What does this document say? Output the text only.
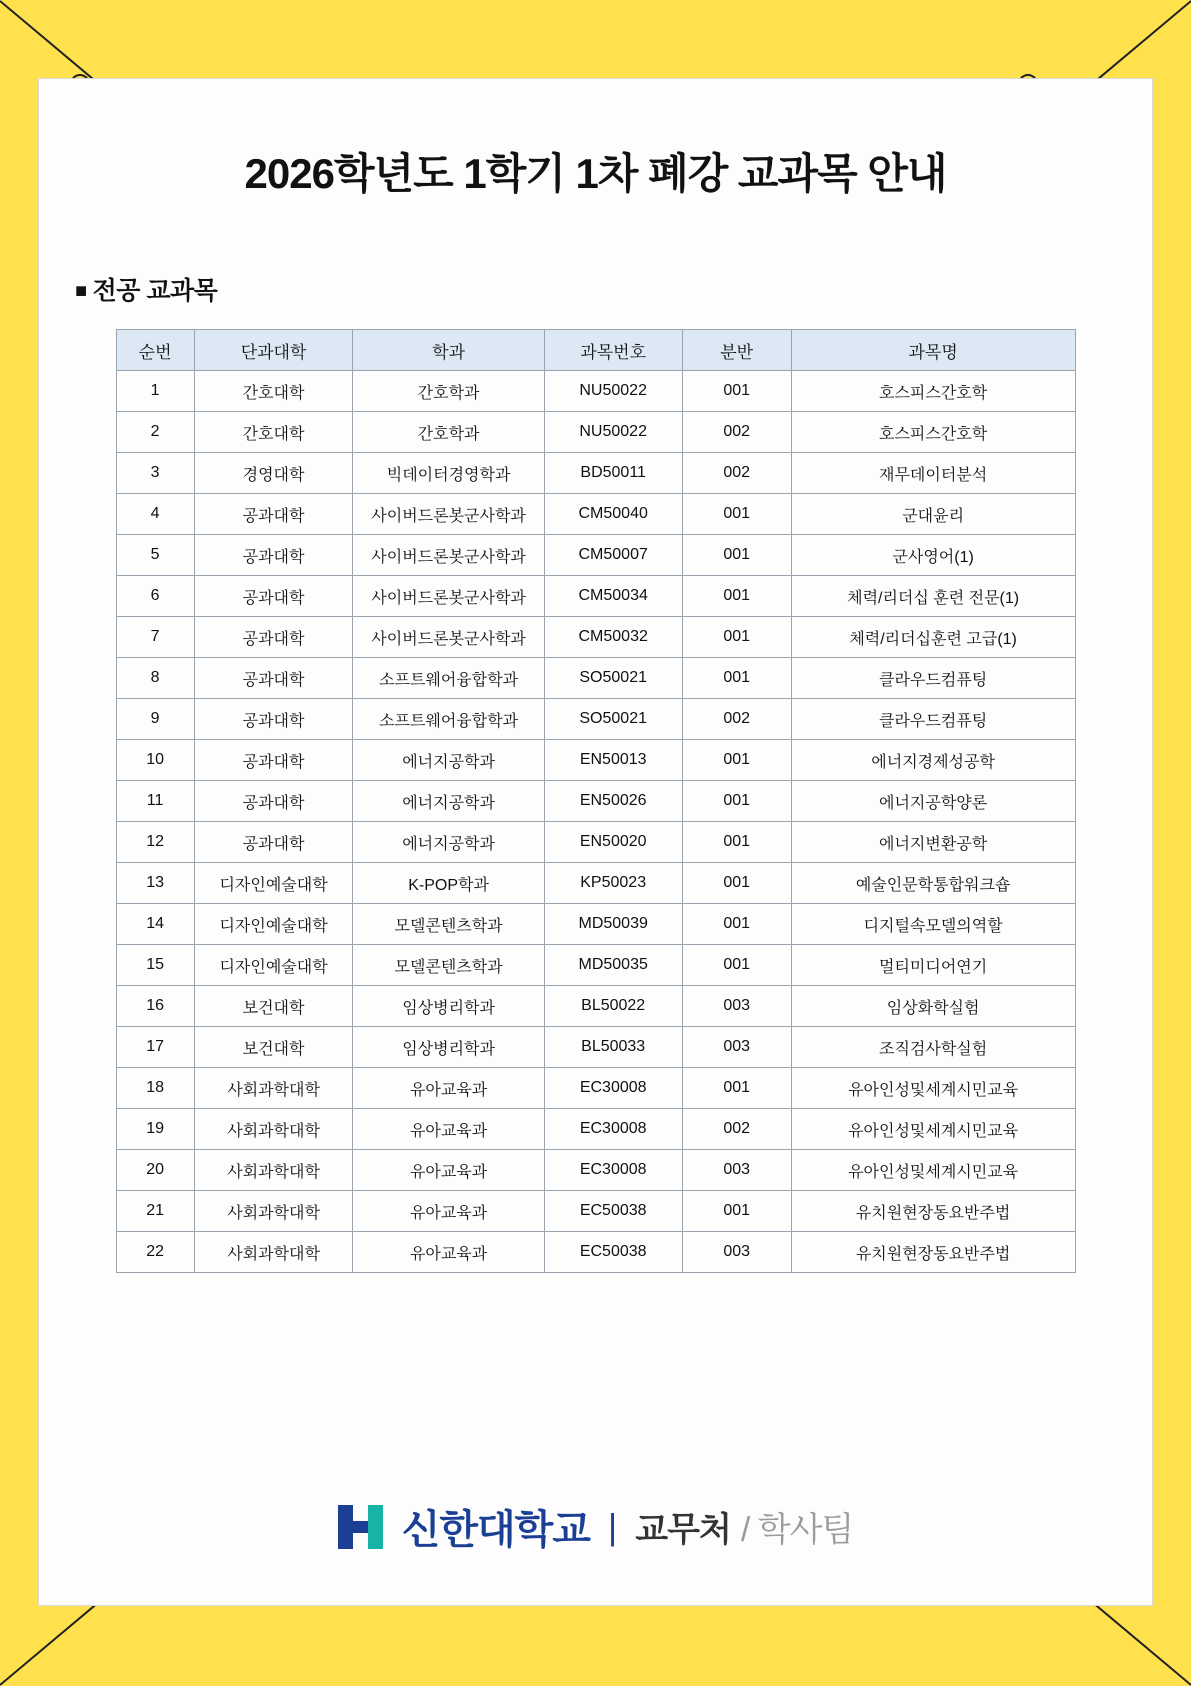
2026학년도 1학기 1차 폐강 교과목 안내
■ 전공 교과목
순번	단과대학	학과	과목번호	분반	과목명
1	간호대학	간호학과	NU50022	001	호스피스간호학
2	간호대학	간호학과	NU50022	002	호스피스간호학
3	경영대학	빅데이터경영학과	BD50011	002	재무데이터분석
4	공과대학	사이버드론봇군사학과	CM50040	001	군대윤리
5	공과대학	사이버드론봇군사학과	CM50007	001	군사영어(1)
6	공과대학	사이버드론봇군사학과	CM50034	001	체력/리더십 훈련 전문(1)
7	공과대학	사이버드론봇군사학과	CM50032	001	체력/리더십훈련 고급(1)
8	공과대학	소프트웨어융합학과	SO50021	001	클라우드컴퓨팅
9	공과대학	소프트웨어융합학과	SO50021	002	클라우드컴퓨팅
10	공과대학	에너지공학과	EN50013	001	에너지경제성공학
11	공과대학	에너지공학과	EN50026	001	에너지공학양론
12	공과대학	에너지공학과	EN50020	001	에너지변환공학
13	디자인예술대학	K-POP학과	KP50023	001	예술인문학통합워크숍
14	디자인예술대학	모델콘텐츠학과	MD50039	001	디지털속모델의역할
15	디자인예술대학	모델콘텐츠학과	MD50035	001	멀티미디어연기
16	보건대학	임상병리학과	BL50022	003	임상화학실험
17	보건대학	임상병리학과	BL50033	003	조직검사학실험
18	사회과학대학	유아교육과	EC30008	001	유아인성및세계시민교육
19	사회과학대학	유아교육과	EC30008	002	유아인성및세계시민교육
20	사회과학대학	유아교육과	EC30008	003	유아인성및세계시민교육
21	사회과학대학	유아교육과	EC50038	001	유치원현장동요반주법
22	사회과학대학	유아교육과	EC50038	003	유치원현장동요반주법
신한대학교 | 교무처 / 학사팀
